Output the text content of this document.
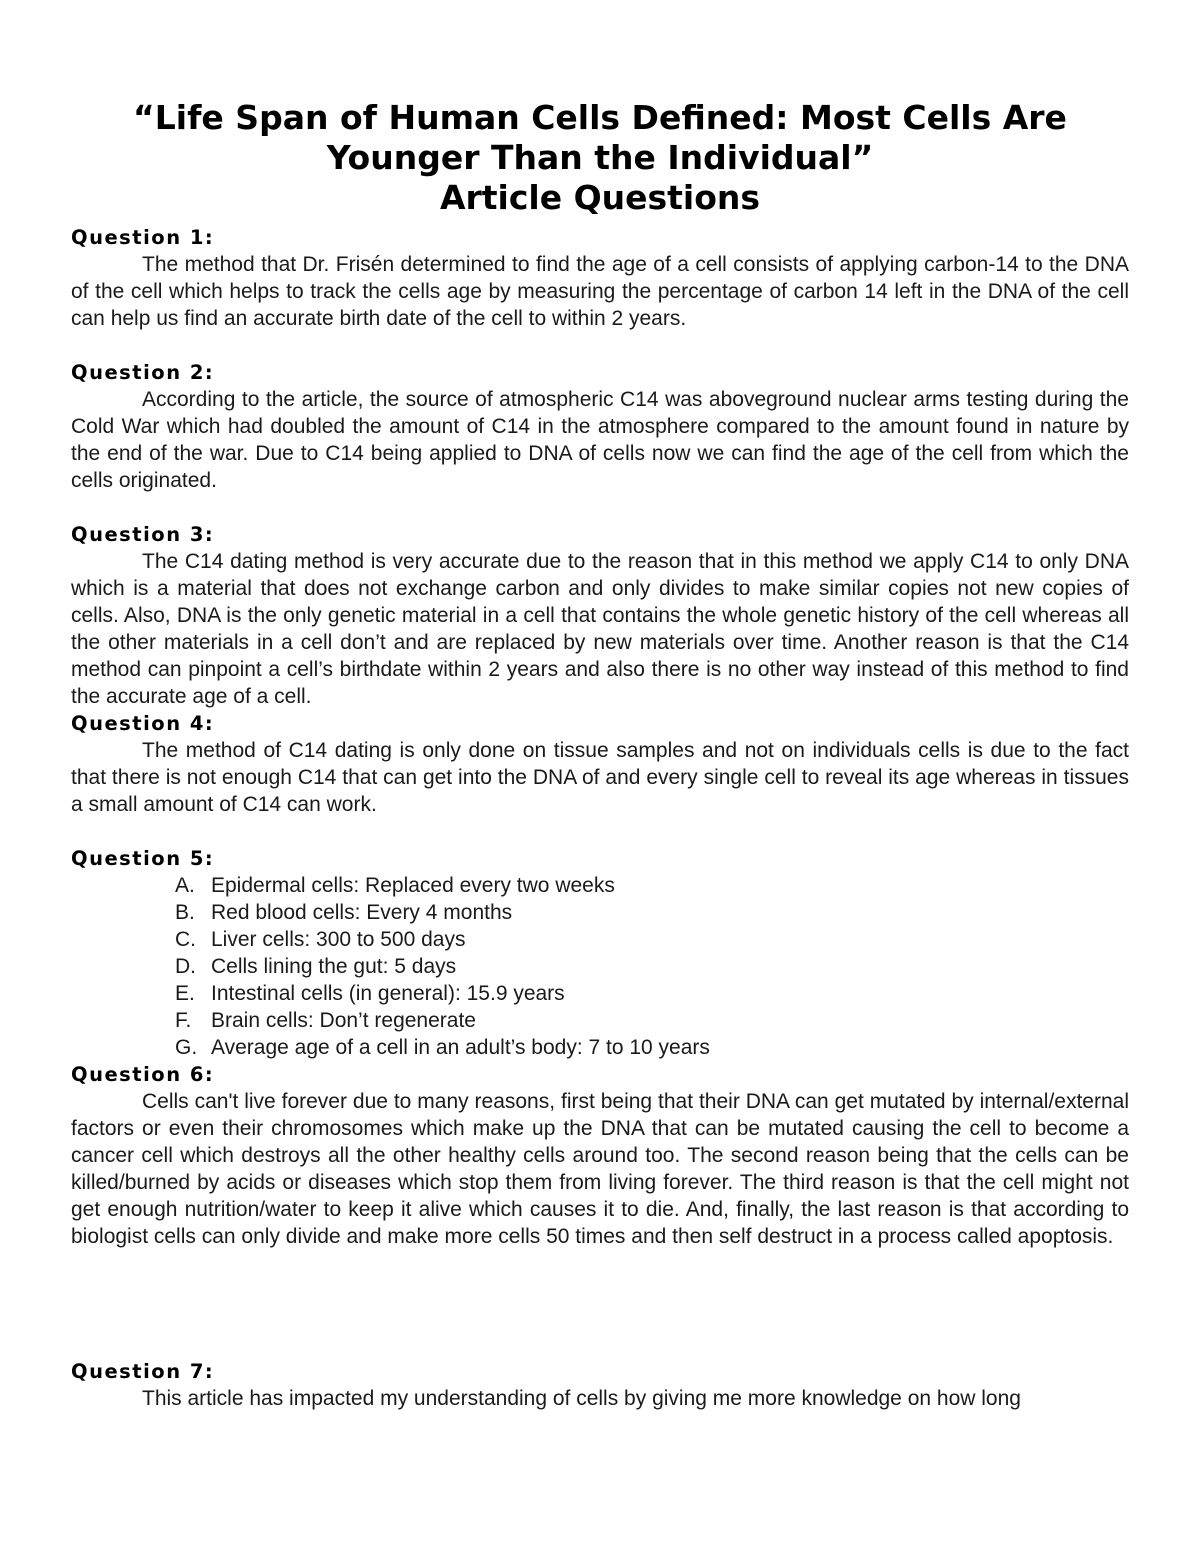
“Life Span of Human Cells Defined: Most Cells Are
Younger Than the Individual”
Article Questions
Question 1:

The method that Dr. Frisén determined to find the age of a cell consists of applying carbon-14 to the DNA of the cell which helps to track the cells age by measuring the percentage of carbon 14 left in the DNA of the cell can help us find an accurate birth date of the cell to within 2 years.

Question 2:

According to the article, the source of atmospheric C14 was aboveground nuclear arms testing during the Cold War which had doubled the amount of C14 in the atmosphere compared to the amount found in nature by the end of the war. Due to C14 being applied to DNA of cells now we can find the age of the cell from which the cells originated.

Question 3:

The C14 dating method is very accurate due to the reason that in this method we apply C14 to only DNA which is a material that does not exchange carbon and only divides to make similar copies not new copies of cells. Also, DNA is the only genetic material in a cell that contains the whole genetic history of the cell whereas all the other materials in a cell don’t and are replaced by new materials over time. Another reason is that the C14 method can pinpoint a cell’s birthdate within 2 years and also there is no other way instead of this method to find the accurate age of a cell.

Question 4:

The method of C14 dating is only done on tissue samples and not on individuals cells is due to the fact that there is not enough C14 that can get into the DNA of and every single cell to reveal its age whereas in tissues a small amount of C14 can work.

Question 5:
A. Epidermal cells: Replaced every two weeks
B. Red blood cells: Every 4 months
C. Liver cells: 300 to 500 days
D. Cells lining the gut: 5 days
E. Intestinal cells (in general): 15.9 years
F. Brain cells: Don’t regenerate
G. Average age of a cell in an adult’s body: 7 to 10 years
Question 6:

Cells can't live forever due to many reasons, first being that their DNA can get mutated by internal/external factors or even their chromosomes which make up the DNA that can be mutated causing the cell to become a cancer cell which destroys all the other healthy cells around too. The second reason being that the cells can be killed/burned by acids or diseases which stop them from living forever. The third reason is that the cell might not get enough nutrition/water to keep it alive which causes it to die. And, finally, the last reason is that according to biologist cells can only divide and make more cells 50 times and then self destruct in a process called apoptosis.

Question 7:

This article has impacted my understanding of cells by giving me more knowledge on how long
